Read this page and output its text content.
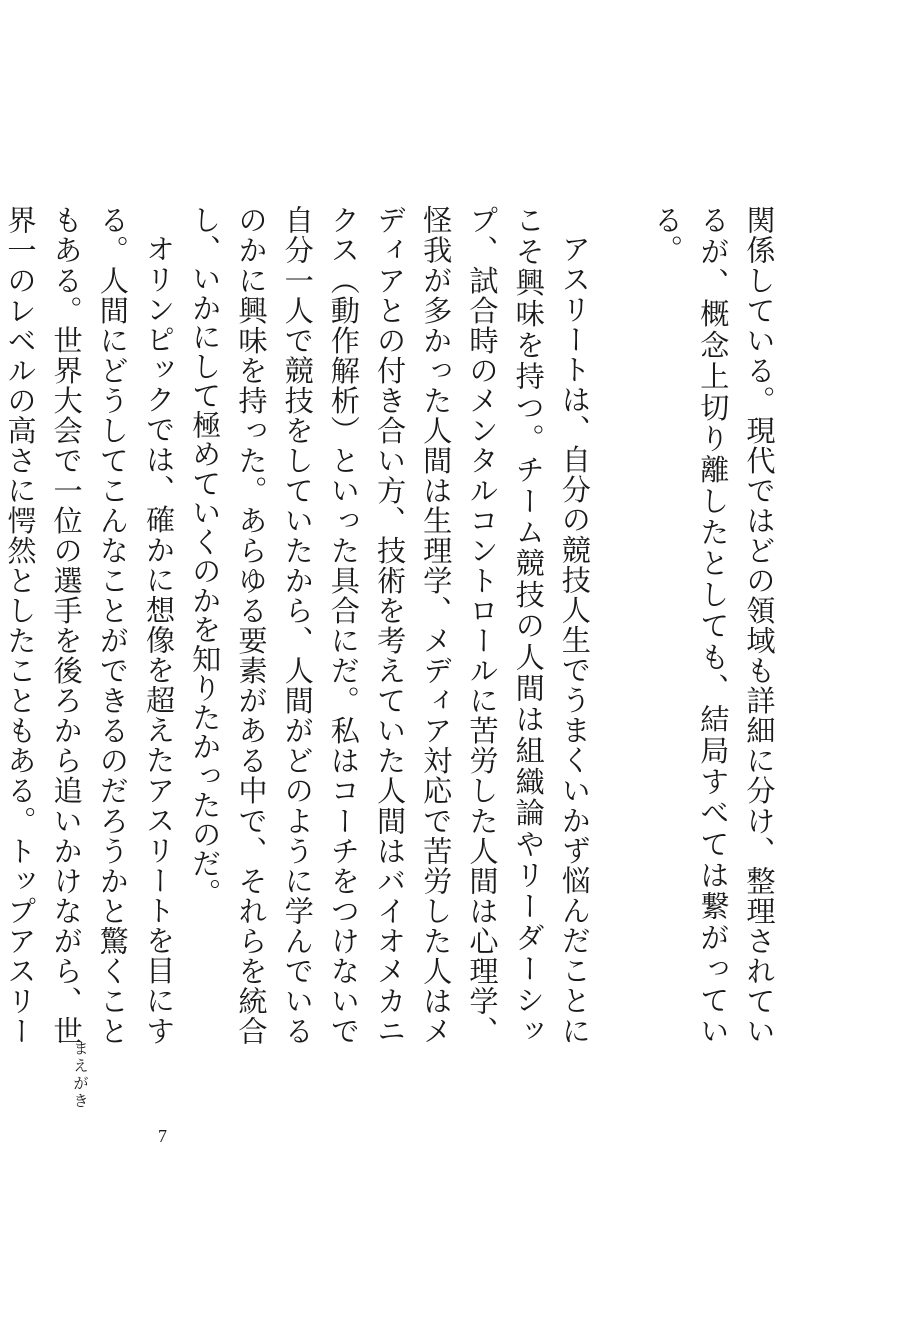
関係している。現代ではどの領域も詳細に分け、整理されているが、概念上切り離したとしても、結局すべては繋がっている。

アスリートは、自分の競技人生でうまくいかず悩んだことにこそ興味を持つ。チーム競技の人間は組織論やリーダーシップ、試合時のメンタルコントロールに苦労した人間は心理学、怪我が多かった人間は生理学、メディア対応で苦労した人はメディアとの付き合い方、技術を考えていた人間はバイオメカニクス（動作解析）といった具合にだ。私はコーチをつけないで自分一人で競技をしていたから、人間がどのように学んでいるのかに興味を持った。あらゆる要素がある中で、それらを統合し、いかにして極めていくのかを知りたかったのだ。

オリンピックでは、確かに想像を超えたアスリートを目にする。人間にどうしてこんなことができるのだろうかと驚くこともある。世界大会で一位の選手を後ろから追いかけながら、世界一のレベルの高さに愕然としたこともある。トップアスリー

まえがき
7
